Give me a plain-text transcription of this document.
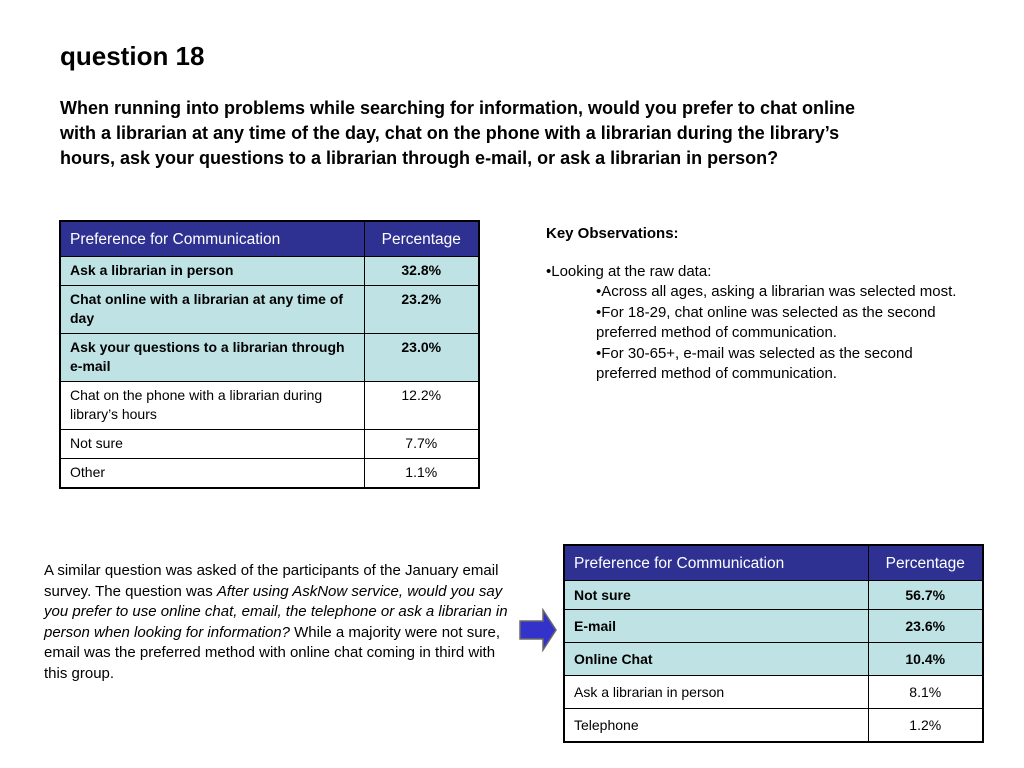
question 18

When running into problems while searching for information, would you prefer to chat online with a librarian at any time of the day, chat on the phone with a librarian during the library’s hours, ask your questions to a librarian through e-mail, or ask a librarian in person?

Preference for Communication	Percentage
Ask a librarian in person	32.8%
Chat online with a librarian at any time of day	23.2%
Ask your questions to a librarian through e-mail	23.0%
Chat on the phone with a librarian during library’s hours	12.2%
Not sure	7.7%
Other	1.1%

Key Observations:

•Looking at the raw data:

•Across all ages, asking a librarian was selected most.

•For 18-29, chat online was selected as the second preferred method of communication.

•For 30-65+, e-mail was selected as the second preferred method of communication.

A similar question was asked of the participants of the January email survey. The question was After using AskNow service, would you say you prefer to use online chat, email, the telephone or ask a librarian in person when looking for information? While a majority were not sure, email was the preferred method with online chat coming in third with this group.

Preference for Communication	Percentage
Not sure	56.7%
E-mail	23.6%
Online Chat	10.4%
Ask a librarian in person	8.1%
Telephone	1.2%
